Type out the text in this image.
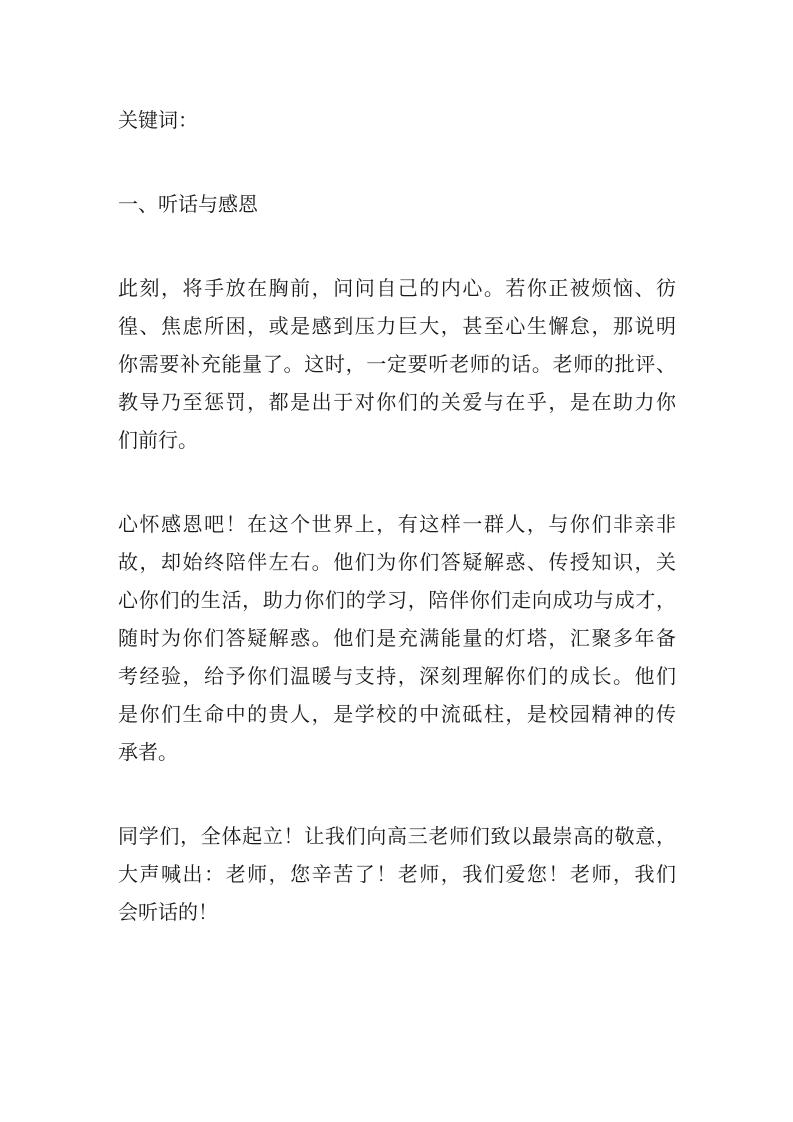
关键词：
一、听话与感恩
此刻，将手放在胸前，问问自己的内心。若你正被烦恼、彷
徨、焦虑所困，或是感到压力巨大，甚至心生懈怠，那说明
你需要补充能量了。这时，一定要听老师的话。老师的批评、
教导乃至惩罚，都是出于对你们的关爱与在乎，是在助力你
们前行。
心怀感恩吧！在这个世界上，有这样一群人，与你们非亲非
故，却始终陪伴左右。他们为你们答疑解惑、传授知识，关
心你们的生活，助力你们的学习，陪伴你们走向成功与成才，
随时为你们答疑解惑。他们是充满能量的灯塔，汇聚多年备
考经验，给予你们温暖与支持，深刻理解你们的成长。他们
是你们生命中的贵人，是学校的中流砥柱，是校园精神的传
承者。
同学们，全体起立！让我们向高三老师们致以最崇高的敬意，
大声喊出：老师，您辛苦了！老师，我们爱您！老师，我们
会听话的！
